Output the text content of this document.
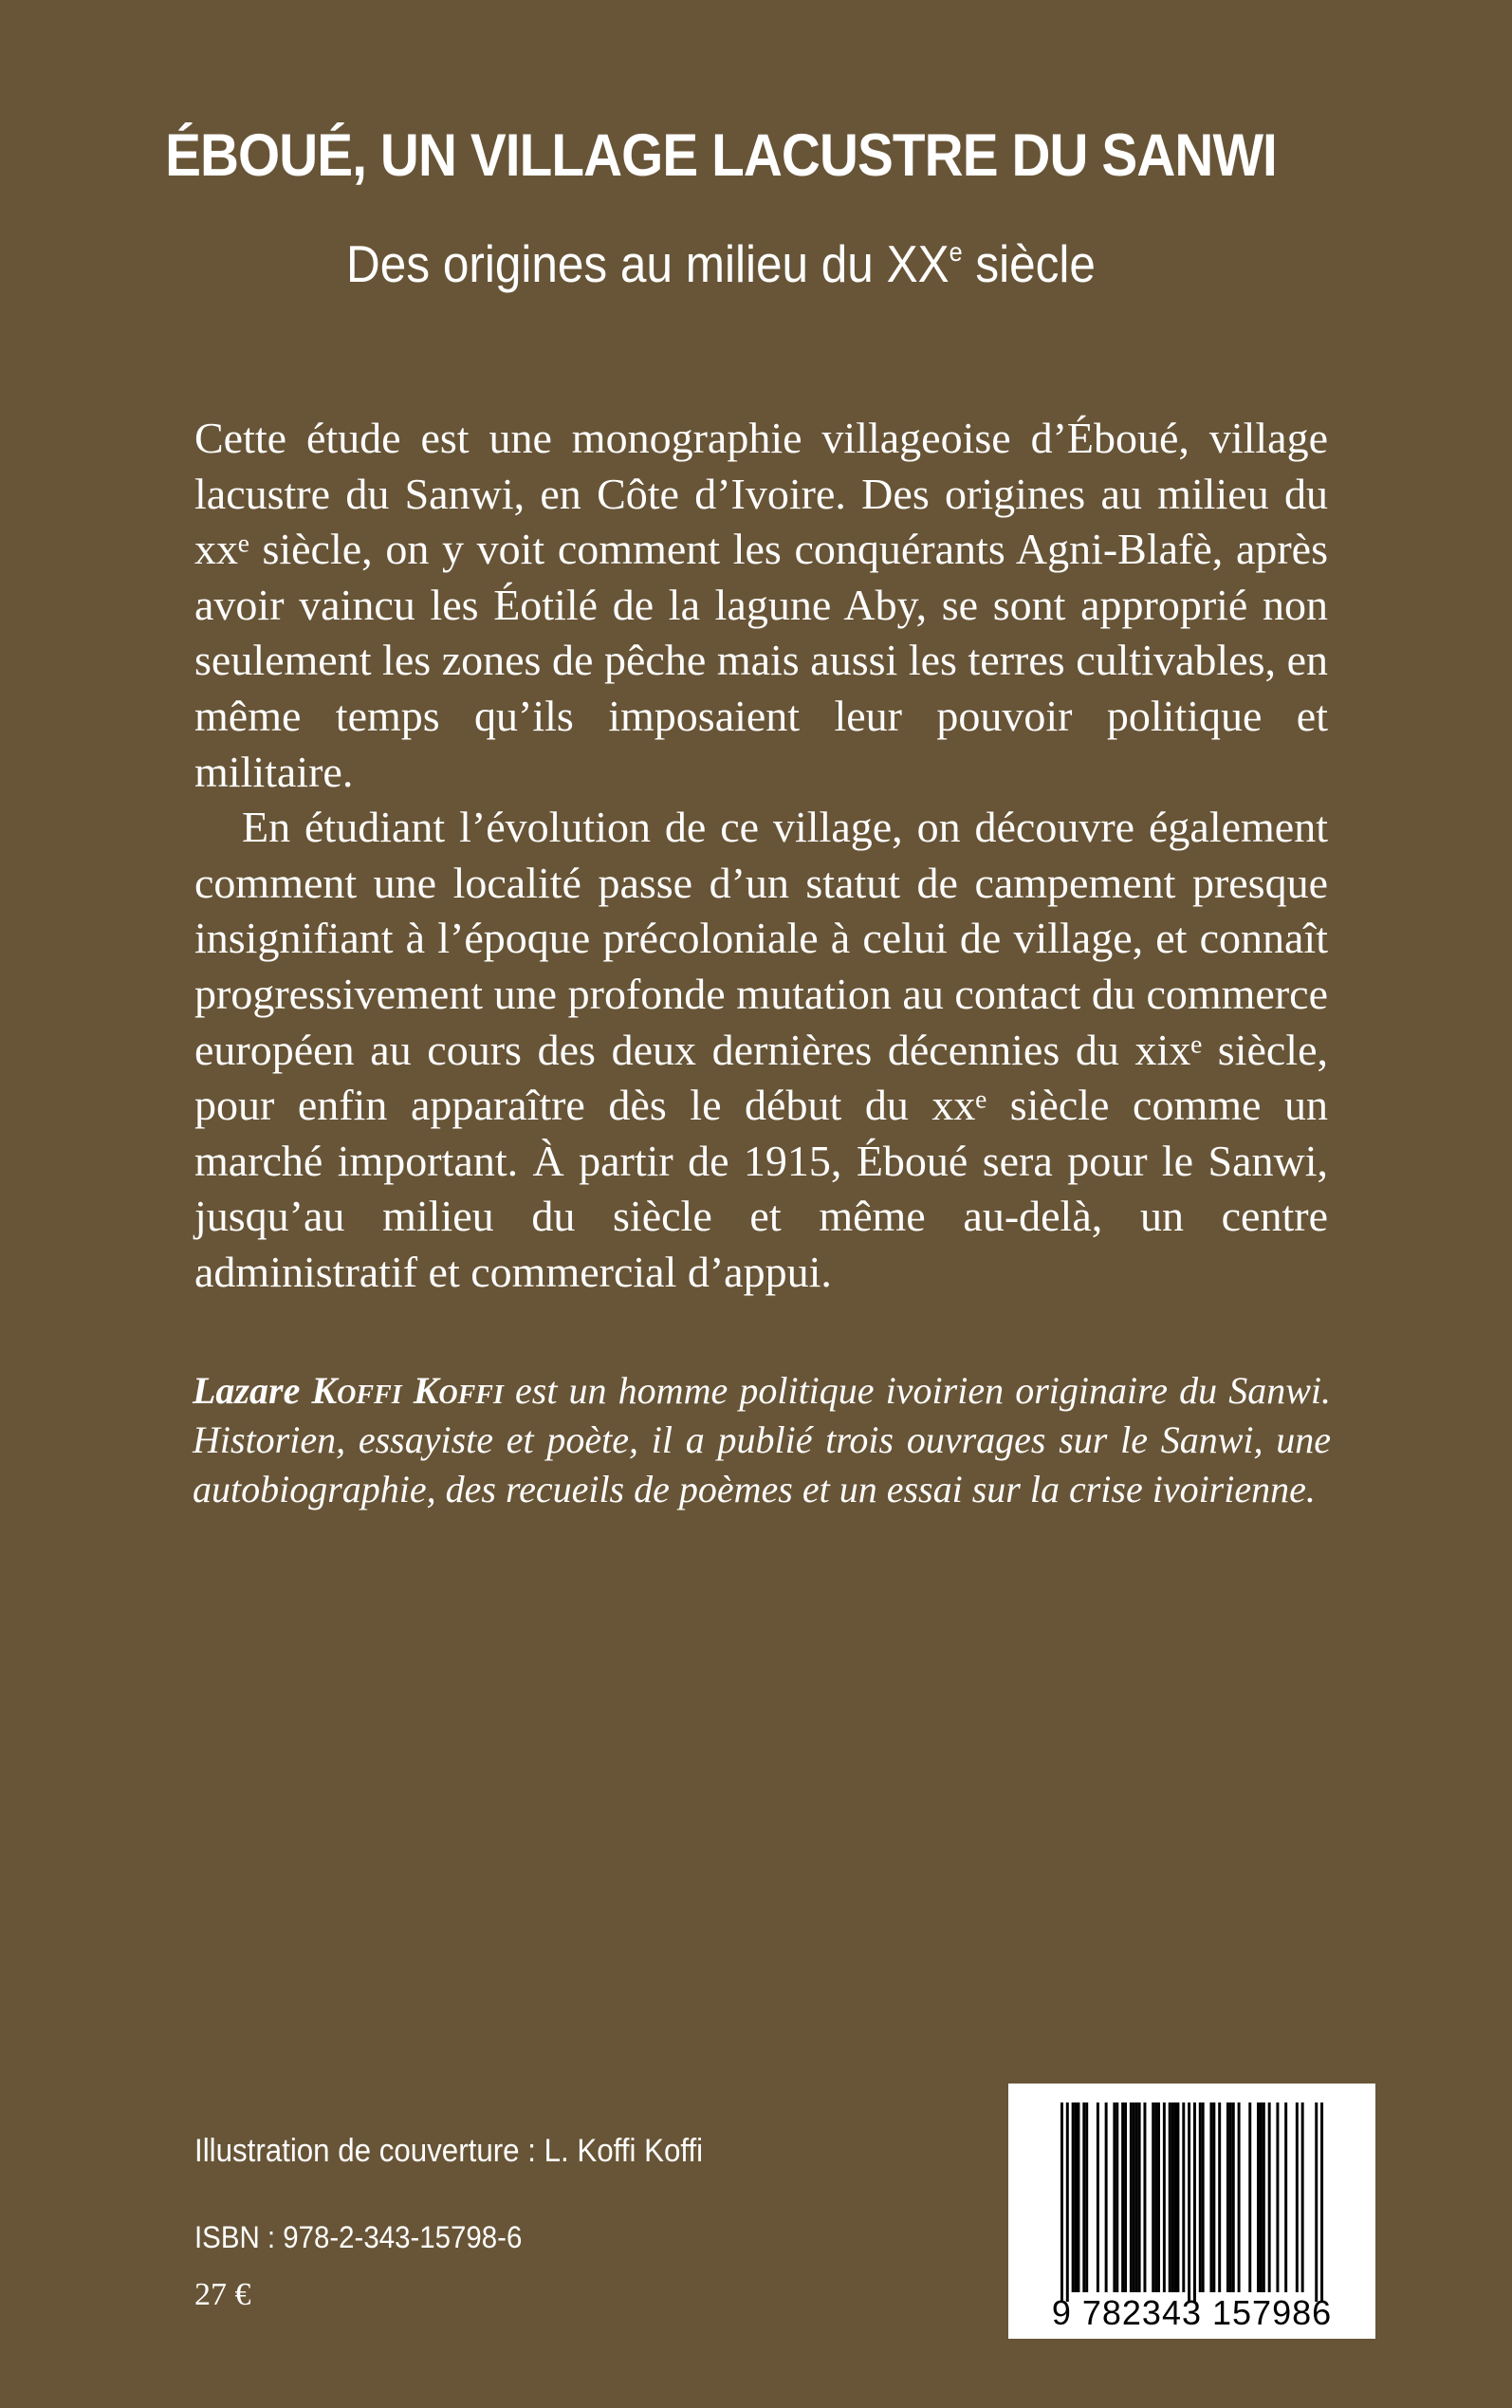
ÉBOUÉ, UN VILLAGE LACUSTRE DU SANWI
Des origines au milieu du XXe siècle

Cette étude est une monographie villageoise d’Éboué, village lacustre du Sanwi, en Côte d’Ivoire. Des origines au milieu du xxᵉ siècle, on y voit comment les conquérants Agni-Blafè, après avoir vaincu les Éotilé de la lagune Aby, se sont approprié non seulement les zones de pêche mais aussi les terres cultivables, en même temps qu’ils imposaient leur pouvoir politique et militaire.

En étudiant l’évolution de ce village, on découvre également comment une localité passe d’un statut de campement presque insignifiant à l’époque précoloniale à celui de village, et connaît progressivement une profonde mutation au contact du commerce européen au cours des deux dernières décennies du xixᵉ siècle, pour enfin apparaître dès le début du xxᵉ siècle comme un marché important. À partir de 1915, Éboué sera pour le Sanwi, jusqu’au milieu du siècle et même au-delà, un centre administratif et commercial d’appui.

Lazare Koffi Koffi est un homme politique ivoirien originaire du Sanwi. Historien, essayiste et poète, il a publié trois ouvrages sur le Sanwi, une autobiographie, des recueils de poèmes et un essai sur la crise ivoirienne.
Illustration de couverture : L. Koffi Koffi
ISBN : 978-2-343-15798-6
27 €	9 782343 157986
